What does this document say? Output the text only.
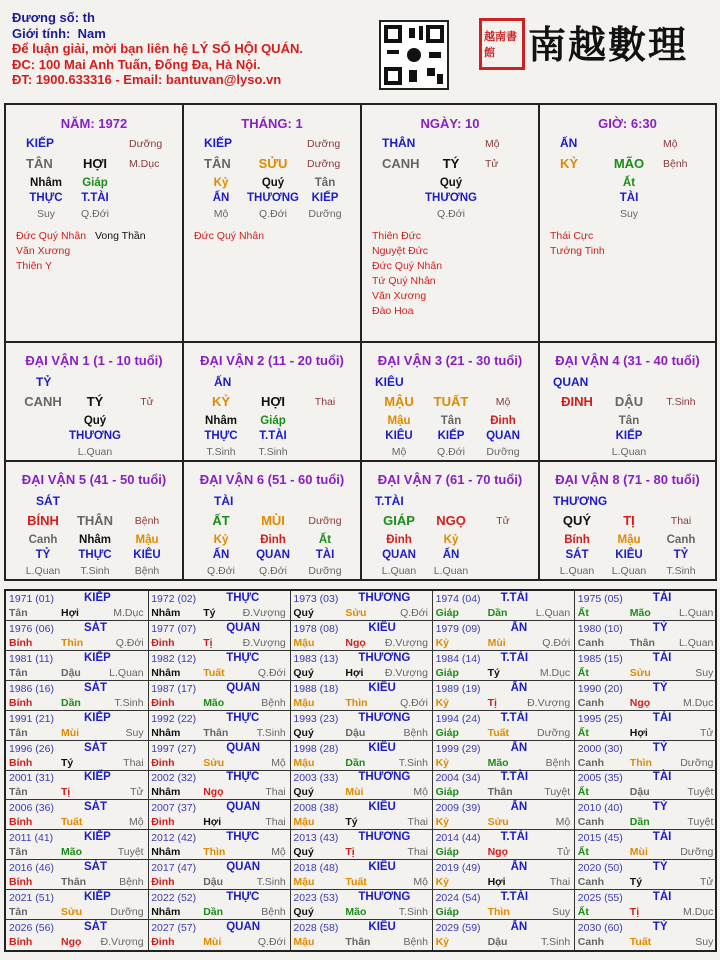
Đương số: th
Giới tính: Nam
Để luận giải, mời bạn liên hệ LÝ SỐ HỘI QUÁN.
ĐC: 100 Mai Anh Tuấn, Đống Đa, Hà Nội.
ĐT: 1900.633316 - Email: bantuvan@lyso.vn
越南書館 南越數理
NĂM: 1972
KIẾP	Dưỡng
TÂN HỢI M.Dục
Nhâm
THỰC
Suy
Giáp
T.TÀI
Q.Đới
Đức Quý Nhân Vong Thần
Văn Xương
Thiên Y
THÁNG: 1
KIẾP	Dưỡng
TÂN SỬU Dưỡng
Kỷ
ẤN
Mộ
Quý
THƯƠNG
Q.Đới
Tân
KIẾP
Dưỡng
Đức Quý Nhân
NGÀY: 10
THÂN	Mộ
CANH TÝ Tử
Quý
THƯƠNG
Q.Đới
Thiên Đức
Nguyệt Đức
Đức Quý Nhân
Tứ Quý Nhân
Văn Xương
Đào Hoa
GIỜ: 6:30
ẤN	Mộ
KỶ	MÃO Bệnh
Ất
TÀI
Suy
Thái Cực
Tướng Tinh
ĐẠI VẬN 1 (1 - 10 tuổi)
TỶ
CANH TÝ	Tử
Quý
THƯƠNG
L.Quan
ĐẠI VẬN 2 (11 - 20 tuổi)
ẤN
KỶ HỢI	Thai
Nhâm
THỰC
T.Sinh
Giáp
T.TÀI
T.Sinh
ĐẠI VẬN 3 (21 - 30 tuổi)
KIÊU
MẬU TUẤT	Mộ
Mậu
KIÊU
Mộ
Tân
KIẾP
Q.Đới
Đinh
QUAN
Dưỡng
ĐẠI VẬN 4 (31 - 40 tuổi)
QUAN
ĐINH DẬU T.Sinh
Tân
KIẾP
L.Quan
ĐẠI VẬN 5 (41 - 50 tuổi)
SÁT
BÍNH THÂN Bệnh
Canh
TỶ
L.Quan
Nhâm
THỰC
T.Sinh
Mậu
KIÊU
Bệnh
ĐẠI VẬN 6 (51 - 60 tuổi)
TÀI
ẤT MÙI Dưỡng
Kỷ
ẤN
Q.Đới
Đinh
QUAN
Q.Đới
Ất
TÀI
Dưỡng
ĐẠI VẬN 7 (61 - 70 tuổi)
T.TÀI
GIÁP NGỌ	Tử
Đinh
QUAN
L.Quan
Kỷ
ẤN
L.Quan
ĐẠI VẬN 8 (71 - 80 tuổi)
THƯƠNG
QUÝ TỊ	Thai
Bính
SÁT
L.Quan
Mậu
KIÊU
L.Quan
Canh
TỶ
T.Sinh
1971 (01)	KIẾP
Tân	Hợi	M.Dục
1972 (02)	THỰC
Nhâm Tý	Đ.Vượng
1973 (03) THƯƠNG
Quý	Sửu	Q.Đới
1974 (04) T.TÀI
Giáp	Dần	L.Quan
1975 (05)	TÀI
Ất	Mão	L.Quan
1976 (06)	SÁT
Bính	Thìn	Q.Đới
1977 (07)	QUAN
Đinh	Tị	Đ.Vượng
1978 (08)	KIÊU
Mậu	Ngọ Đ.Vượng
1979 (09)	ẤN
Kỷ	Mùi	Q.Đới
1980 (10)	TỶ
Canh Thân L.Quan
1981 (11)	KIẾP
Tân	Dậu	L.Quan
1982 (12)	THỰC
Nhâm Tuất	Q.Đới
1983 (13) THƯƠNG
Quý	Hợi Đ.Vượng
1984 (14) T.TÀI
Giáp	Tý	M.Dục
1985 (15)	TÀI
Ất	Sửu	Suy
1986 (16)	SÁT
Bính	Dần	T.Sinh
1987 (17)	QUAN
Đinh	Mão	Bệnh
1988 (18)	KIÊU
Mậu	Thìn	Q.Đới
1989 (19)	ẤN
Kỷ	Tị	Đ.Vượng
1990 (20)	TỶ
Canh Ngọ	M.Dục
1991 (21)	KIẾP
Tân	Mùi	Suy
1992 (22)	THỰC
Nhâm Thân	T.Sinh
1993 (23) THƯƠNG
Quý	Dậu	Bệnh
1994 (24) T.TÀI
Giáp	Tuất	Dưỡng
1995 (25)	TÀI
Ất	Hợi	Tử
1996 (26)	SÁT
Bính	Tý	Thai
1997 (27)	QUAN
Đinh	Sửu	Mộ
1998 (28)	KIÊU
Mậu	Dần	T.Sinh
1999 (29)	ẤN
Kỷ	Mão	Bệnh
2000 (30)	TỶ
Canh Thìn	Dưỡng
2001 (31)	KIẾP
Tân	Tị	Tử
2002 (32)	THỰC
Nhâm Ngọ	Thai
2003 (33) THƯƠNG
Quý	Mùi	Mộ
2004 (34) T.TÀI
Giáp	Thân	Tuyệt
2005 (35)	TÀI
Ất	Dậu	Tuyệt
2006 (36)	SÁT
Bính	Tuất	Mộ
2007 (37)	QUAN
Đinh	Hợi	Thai
2008 (38)	KIÊU
Mậu	Tý	Thai
2009 (39)	ẤN
Kỷ	Sửu	Mộ
2010 (40)	TỶ
Canh Dần	Tuyệt
2011 (41)	KIẾP
Tân	Mão	Tuyệt
2012 (42)	THỰC
Nhâm Thìn	Mộ
2013 (43) THƯƠNG
Quý	Tị	Thai
2014 (44) T.TÀI
Giáp	Ngọ	Tử
2015 (45)	TÀI
Ất	Mùi	Dưỡng
2016 (46)	SÁT
Bính	Thân	Bệnh
2017 (47)	QUAN
Đinh	Dậu	T.Sinh
2018 (48)	KIÊU
Mậu	Tuất	Mộ
2019 (49)	ẤN
Kỷ	Hợi	Thai
2020 (50)	TỶ
Canh Tý	Tử
2021 (51)	KIẾP
Tân	Sửu	Dưỡng
2022 (52)	THỰC
Nhâm Dần	Bệnh
2023 (53) THƯƠNG
Quý	Mão	T.Sinh
2024 (54) T.TÀI
Giáp	Thìn	Suy
2025 (55)	TÀI
Ất	Tị	M.Dục
2026 (56)	SÁT
Bính	Ngọ Đ.Vượng
2027 (57)	QUAN
Đinh	Mùi	Q.Đới
2028 (58)	KIÊU
Mậu	Thân	Bệnh
2029 (59)	ẤN
Kỷ	Dậu	T.Sinh
2030 (60)	TỶ
Canh Tuất	Suy
